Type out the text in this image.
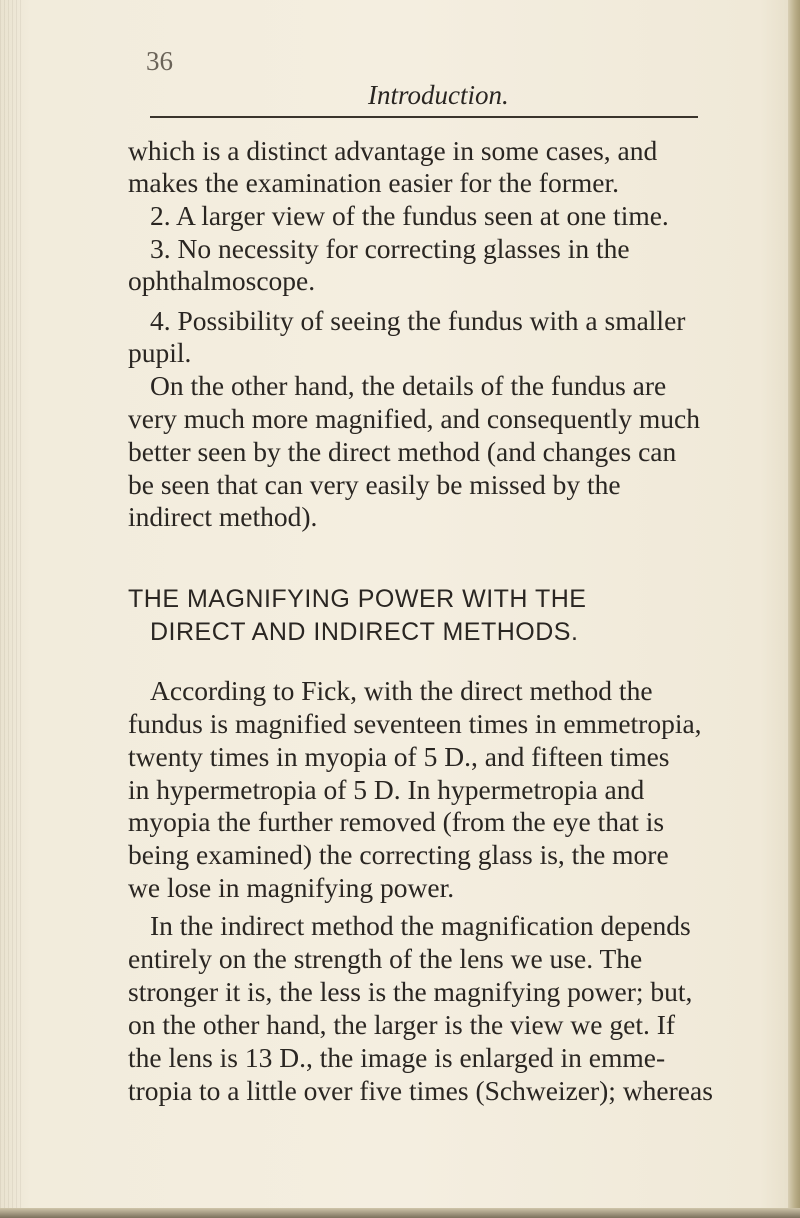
36
Introduction.
which is a distinct advantage in some cases, and
makes the examination easier for the former.
2. A larger view of the fundus seen at one time.
3. No necessity for correcting glasses in the
ophthalmoscope.
4. Possibility of seeing the fundus with a smaller
pupil.
On the other hand, the details of the fundus are
very much more magnified, and consequently much
better seen by the direct method (and changes can
be seen that can very easily be missed by the
indirect method).
THE MAGNIFYING POWER WITH THE
DIRECT AND INDIRECT METHODS.
According to Fick, with the direct method the
fundus is magnified seventeen times in emmetropia,
twenty times in myopia of 5 D., and fifteen times
in hypermetropia of 5 D. In hypermetropia and
myopia the further removed (from the eye that is
being examined) the correcting glass is, the more
we lose in magnifying power.
In the indirect method the magnification depends
entirely on the strength of the lens we use. The
stronger it is, the less is the magnifying power; but,
on the other hand, the larger is the view we get. If
the lens is 13 D., the image is enlarged in emme-
tropia to a little over five times (Schweizer); whereas
